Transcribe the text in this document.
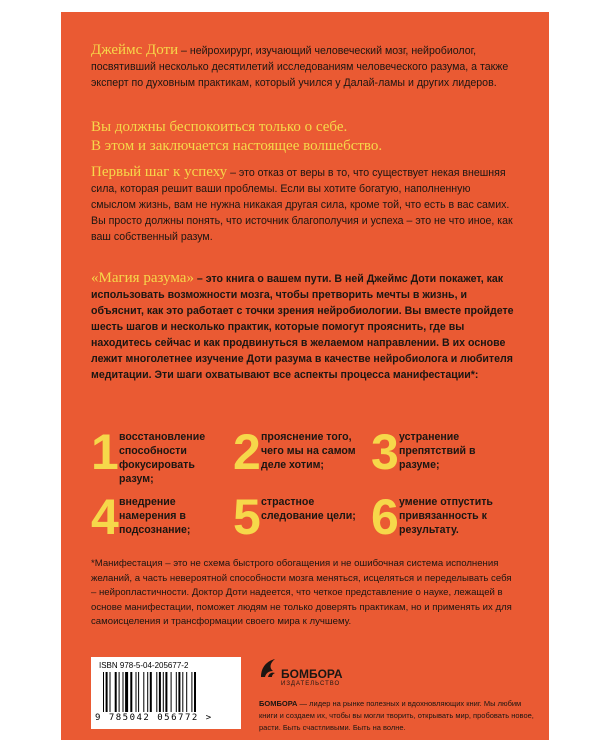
Джеймс Доти – нейрохирург, изучающий человеческий мозг, нейробиолог, посвятивший несколько десятилетий исследованиям человеческого разума, а также эксперт по духовным практикам, который учился у Далай-ламы и других лидеров.

Вы должны беспокоиться только о себе.
В этом и заключается настоящее волшебство.

Первый шаг к успеху – это отказ от веры в то, что существует некая внешняя сила, которая решит ваши проблемы. Если вы хотите богатую, наполненную смыслом жизнь, вам не нужна никакая другая сила, кроме той, что есть в вас самих. Вы просто должны понять, что источник благополучия и успеха – это не что иное, как ваш собственный разум.

«Магия разума» – это книга о вашем пути. В ней Джеймс Доти покажет, как использовать возможности мозга, чтобы претворить мечты в жизнь, и объяснит, как это работает с точки зрения нейробиологии. Вы вместе пройдете шесть шагов и несколько практик, которые помогут прояснить, где вы находитесь сейчас и как продвинуться в желаемом направлении. В их основе лежит многолетнее изучение Доти разума в качестве нейробиолога и любителя медитации. Эти шаги охватывают все аспекты процесса манифестации*:

1 восстановление способности фокусировать разум;	2 прояснение того, чего мы на самом деле хотим; 3 устранение препятствий в разуме;
4 внедрение намерения в подсознание; 5 страстное следование цели; 6 умение отпустить привязанность к результату.

*Манифестация – это не схема быстрого обогащения и не ошибочная система исполнения желаний, а часть невероятной способности мозга меняться, исцеляться и переделывать себя – нейропластичности. Доктор Доти надеется, что четкое представление о науке, лежащей в основе манифестации, поможет людям не только доверять практикам, но и применять их для самоисцеления и трансформации своего мира к лучшему.

ISBN 978-5-04-205677-2
9 785042 056772 >
БОМБОРА
ИЗДАТЕЛЬСТВО

БОМБОРА — лидер на рынке полезных и вдохновляющих книг. Мы любим книги и создаем их, чтобы вы могли творить, открывать мир, пробовать новое, расти. Быть счастливыми. Быть на волне.
